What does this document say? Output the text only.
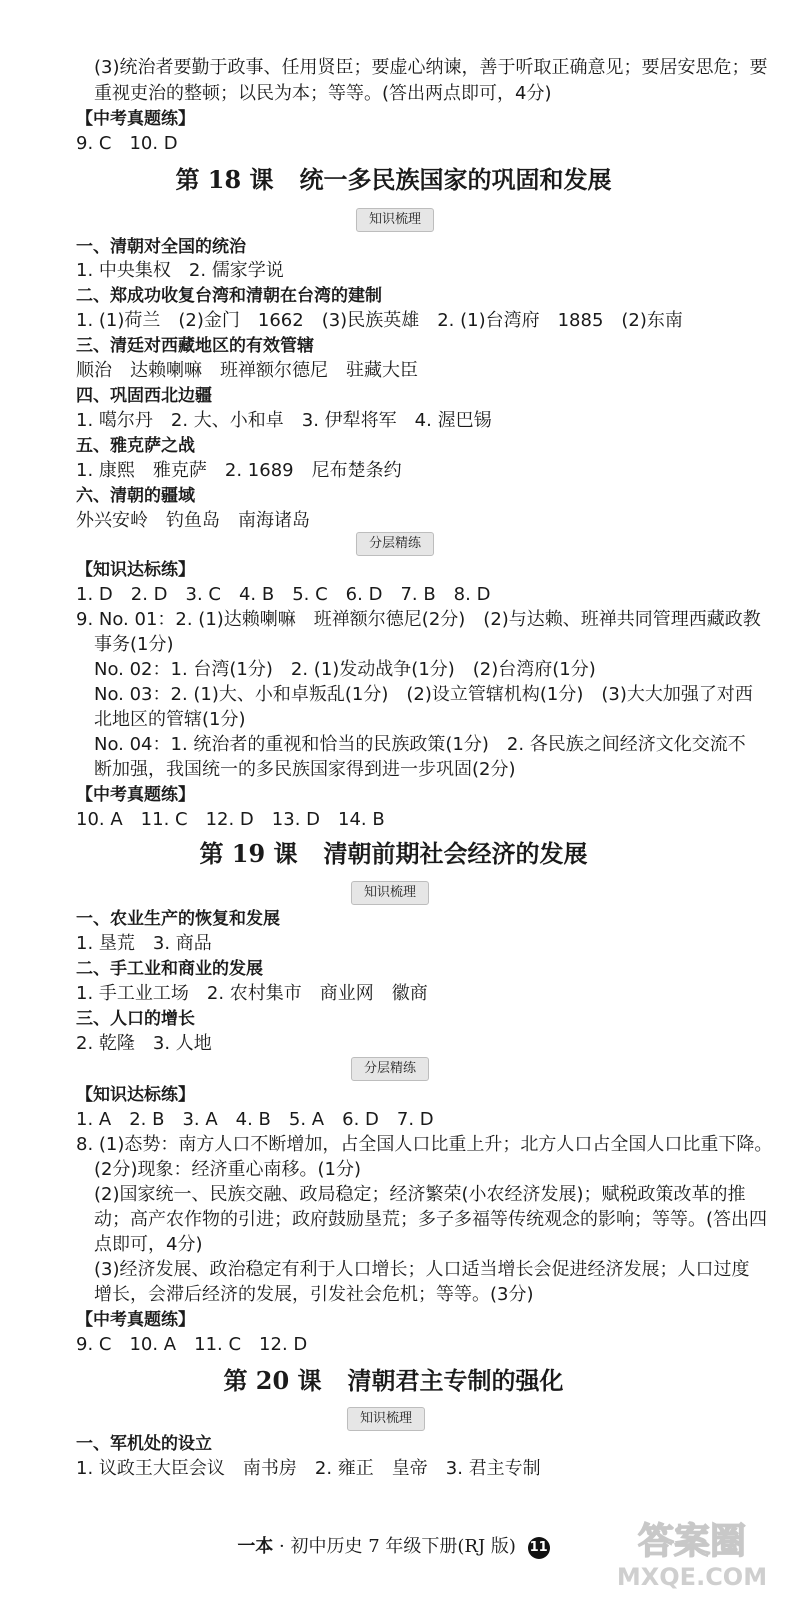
(3)统治者要勤于政事、任用贤臣；要虚心纳谏，善于听取正确意见；要居安思危；要
重视吏治的整顿；以民为本；等等。(答出两点即可，4分)
【中考真题练】
9. C　10. D
第 18 课 统一多民族国家的巩固和发展
知识梳理
一、清朝对全国的统治
1. 中央集权　2. 儒家学说
二、郑成功收复台湾和清朝在台湾的建制
1. (1)荷兰　(2)金门　1662　(3)民族英雄　2. (1)台湾府　1885　(2)东南
三、清廷对西藏地区的有效管辖
顺治　达赖喇嘛　班禅额尔德尼　驻藏大臣
四、巩固西北边疆
1. 噶尔丹　2. 大、小和卓　3. 伊犁将军　4. 渥巴锡
五、雅克萨之战
1. 康熙　雅克萨　2. 1689　尼布楚条约
六、清朝的疆域
外兴安岭　钓鱼岛　南海诸岛
分层精练
【知识达标练】
1. D　2. D　3. C　4. B　5. C　6. D　7. B　8. D
9. No. 01：2. (1)达赖喇嘛　班禅额尔德尼(2分)　(2)与达赖、班禅共同管理西藏政教
事务(1分)
No. 02：1. 台湾(1分)　2. (1)发动战争(1分)　(2)台湾府(1分)
No. 03：2. (1)大、小和卓叛乱(1分)　(2)设立管辖机构(1分)　(3)大大加强了对西
北地区的管辖(1分)
No. 04：1. 统治者的重视和恰当的民族政策(1分)　2. 各民族之间经济文化交流不
断加强，我国统一的多民族国家得到进一步巩固(2分)
【中考真题练】
10. A　11. C　12. D　13. D　14. B
第 19 课 清朝前期社会经济的发展
知识梳理
一、农业生产的恢复和发展
1. 垦荒　3. 商品
二、手工业和商业的发展
1. 手工业工场　2. 农村集市　商业网　徽商
三、人口的增长
2. 乾隆　3. 人地
分层精练
【知识达标练】
1. A　2. B　3. A　4. B　5. A　6. D　7. D
8. (1)态势：南方人口不断增加，占全国人口比重上升；北方人口占全国人口比重下降。
(2分)现象：经济重心南移。(1分)
(2)国家统一、民族交融、政局稳定；经济繁荣(小农经济发展)；赋税政策改革的推
动；高产农作物的引进；政府鼓励垦荒；多子多福等传统观念的影响；等等。(答出四
点即可，4分)
(3)经济发展、政治稳定有利于人口增长；人口适当增长会促进经济发展；人口过度
增长，会滞后经济的发展，引发社会危机；等等。(3分)
【中考真题练】
9. C　10. A　11. C　12. D
第 20 课 清朝君主专制的强化
知识梳理
一、军机处的设立
1. 议政王大臣会议　南书房　2. 雍正　皇帝　3. 君主专制
一本 · 初中历史 7 年级下册(RJ 版) 11	答案圈
MXQE.COM
